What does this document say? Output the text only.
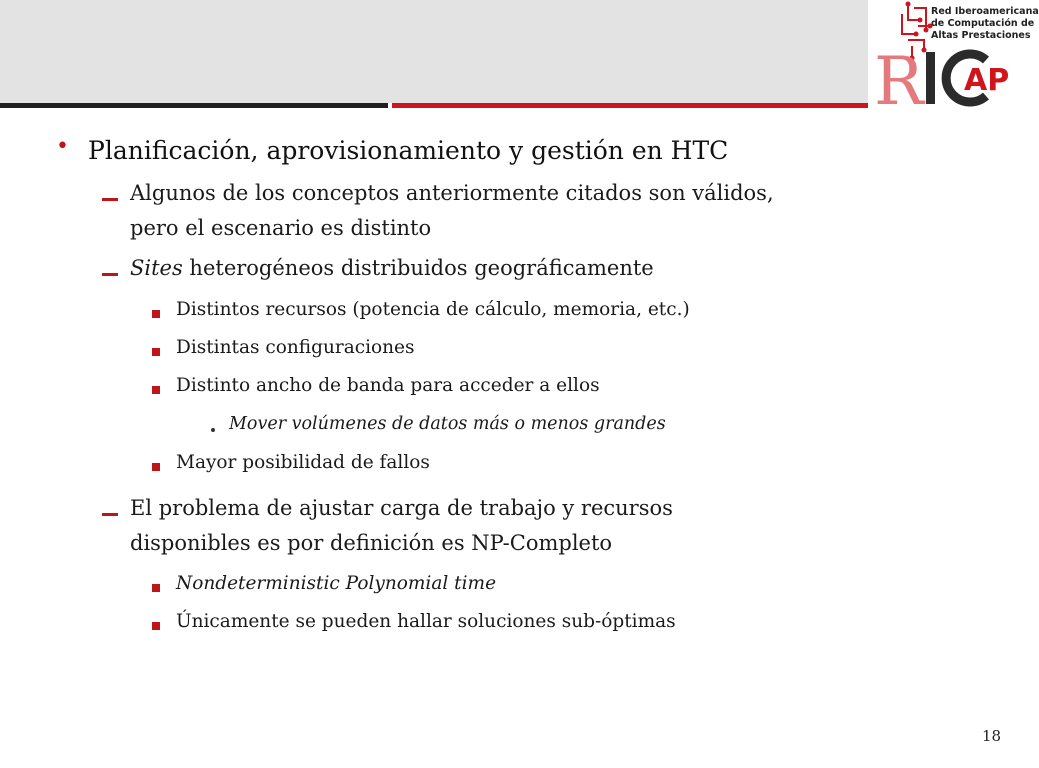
R AP
Red Iberoamericana
de Computación de
Altas Prestaciones
• Planificación, aprovisionamiento y gestión en HTC
Algunos de los conceptos anteriormente citados son válidos,
pero el escenario es distinto
Sites heterogéneos distribuidos geográficamente
Distintos recursos (potencia de cálculo, memoria, etc.)
Distintas configuraciones
Distinto ancho de banda para acceder a ellos
Mover volúmenes de datos más o menos grandes
Mayor posibilidad de fallos
El problema de ajustar carga de trabajo y recursos
disponibles es por definición es NP-Completo
Nondeterministic Polynomial time
Únicamente se pueden hallar soluciones sub-óptimas
18
